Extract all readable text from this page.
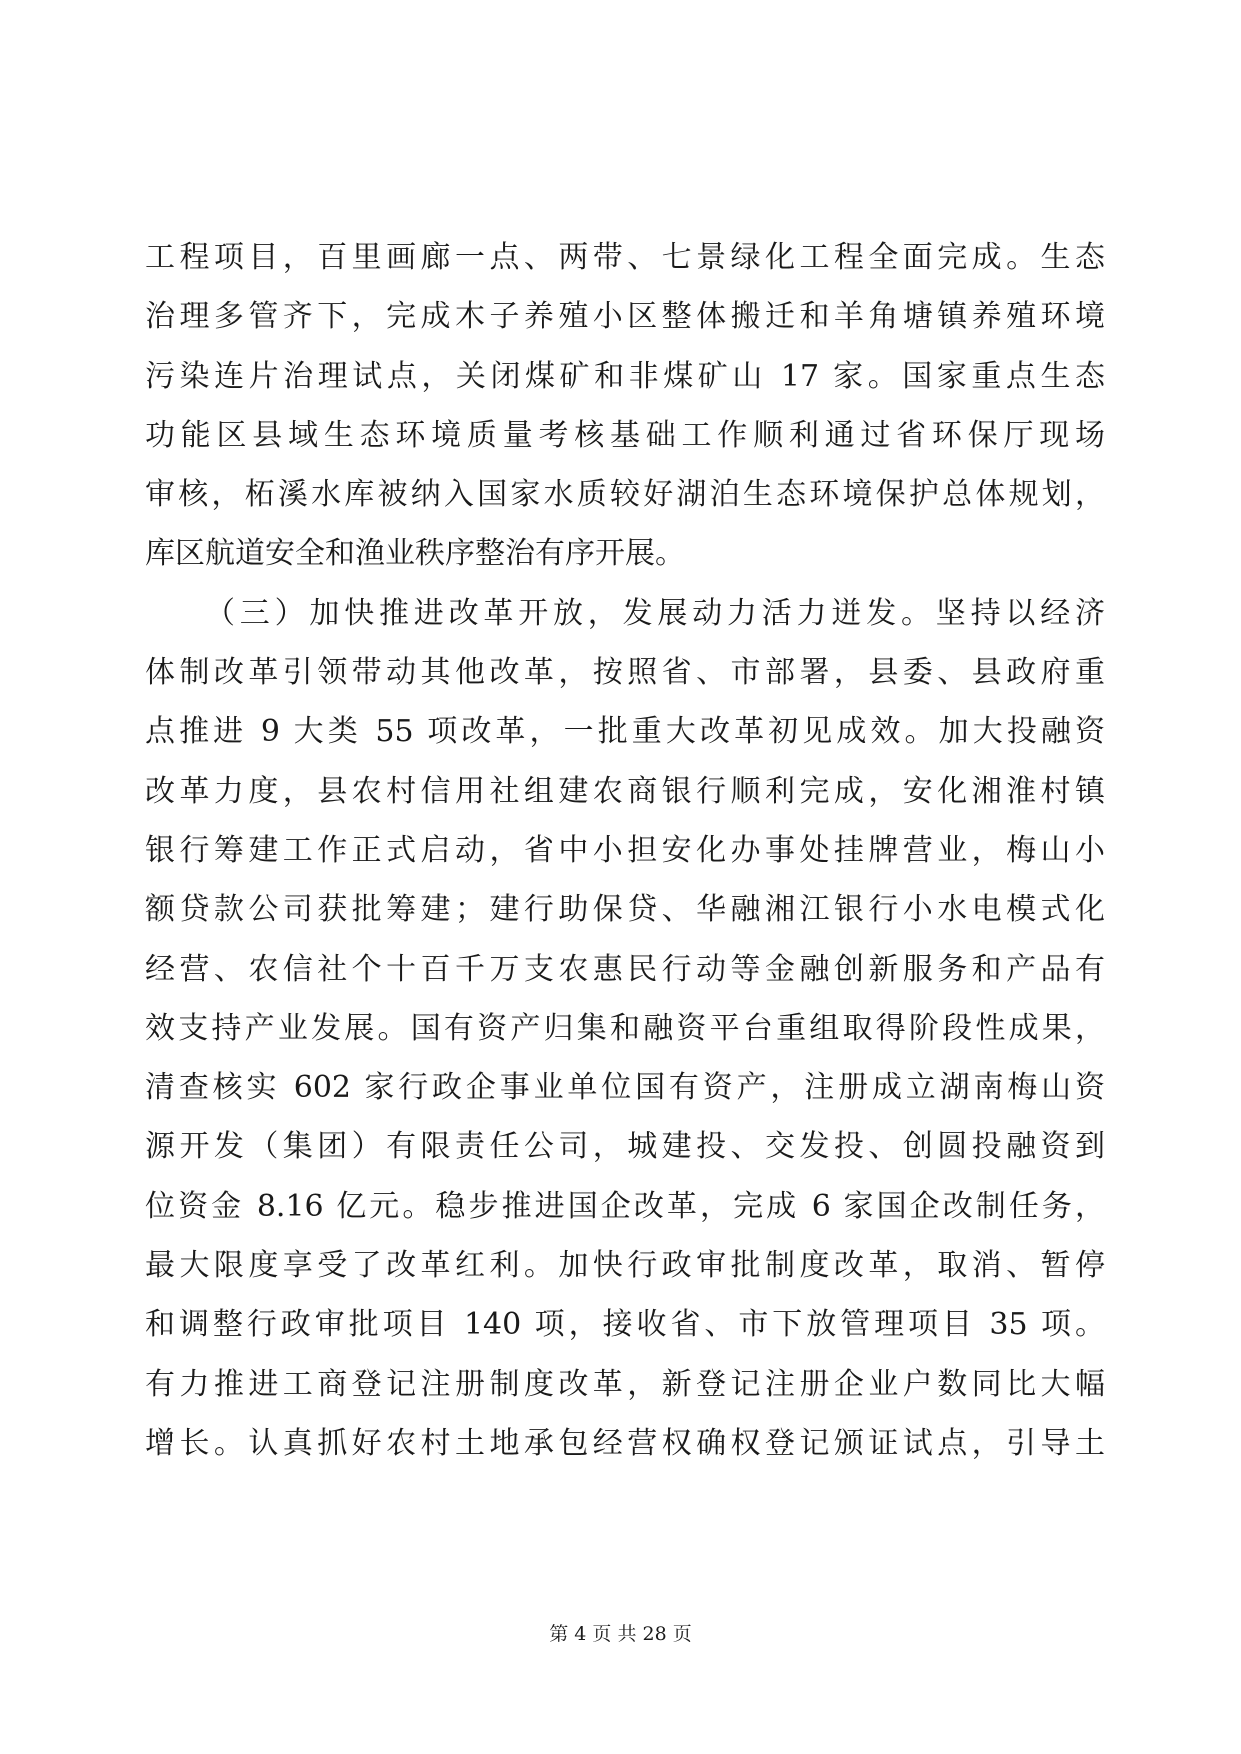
工程项目，百里画廊一点、两带、七景绿化工程全面完成。生态
治理多管齐下，完成木子养殖小区整体搬迁和羊角塘镇养殖环境
污染连片治理试点，关闭煤矿和非煤矿山 17 家。国家重点生态
功能区县域生态环境质量考核基础工作顺利通过省环保厅现场
审核，柘溪水库被纳入国家水质较好湖泊生态环境保护总体规划，
库区航道安全和渔业秩序整治有序开展。
（三）加快推进改革开放，发展动力活力迸发。坚持以经济
体制改革引领带动其他改革，按照省、市部署，县委、县政府重
点推进 9 大类 55 项改革，一批重大改革初见成效。加大投融资
改革力度，县农村信用社组建农商银行顺利完成，安化湘淮村镇
银行筹建工作正式启动，省中小担安化办事处挂牌营业，梅山小
额贷款公司获批筹建；建行助保贷、华融湘江银行小水电模式化
经营、农信社个十百千万支农惠民行动等金融创新服务和产品有
效支持产业发展。国有资产归集和融资平台重组取得阶段性成果，
清查核实 602 家行政企事业单位国有资产，注册成立湖南梅山资
源开发（集团）有限责任公司，城建投、交发投、创圆投融资到
位资金 8.16 亿元。稳步推进国企改革，完成 6 家国企改制任务，
最大限度享受了改革红利。加快行政审批制度改革，取消、暂停
和调整行政审批项目 140 项，接收省、市下放管理项目 35 项。
有力推进工商登记注册制度改革，新登记注册企业户数同比大幅
增长。认真抓好农村土地承包经营权确权登记颁证试点，引导土
第 4 页 共 28 页
